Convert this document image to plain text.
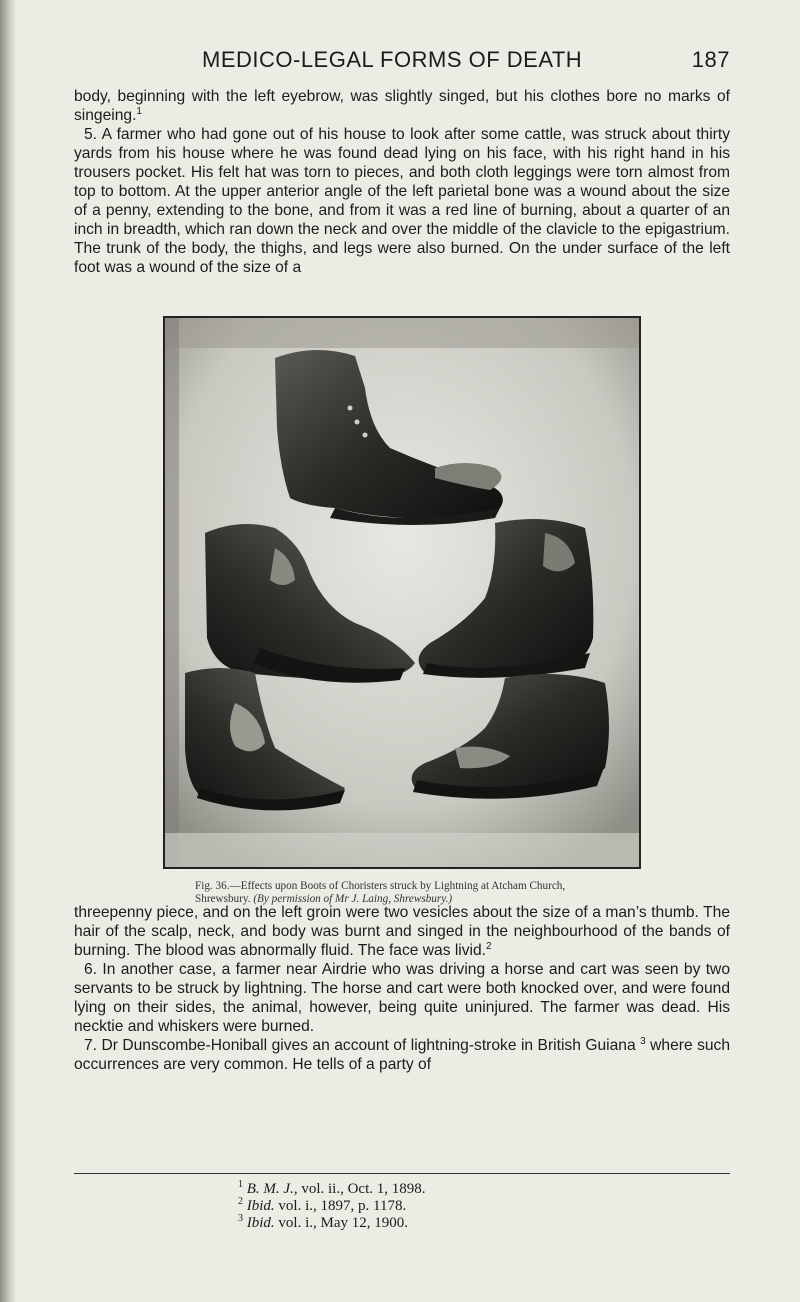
MEDICO-LEGAL FORMS OF DEATH	187

body, beginning with the left eyebrow, was slightly singed, but his clothes bore no marks of singeing.$^1$

5. A farmer who had gone out of his house to look after some cattle, was struck about thirty yards from his house where he was found dead lying on his face, with his right hand in his trousers pocket. His felt hat was torn to pieces, and both cloth leggings were torn almost from top to bottom. At the upper anterior angle of the left parietal bone was a wound about the size of a penny, extending to the bone, and from it was a red line of burning, about a quarter of an inch in breadth, which ran down the neck and over the middle of the clavicle to the epigastrium. The trunk of the body, the thighs, and legs were also burned. On the under surface of the left foot was a wound of the size of a

Fig. 36.—Effects upon Boots of Choristers struck by Lightning at Atcham Church, Shrewsbury. (By permission of Mr J. Laing, Shrewsbury.)

threepenny piece, and on the left groin were two vesicles about the size of a man’s thumb. The hair of the scalp, neck, and body was burnt and singed in the neighbourhood of the bands of burning. The blood was abnormally fluid. The face was livid.$^2$

6. In another case, a farmer near Airdrie who was driving a horse and cart was seen by two servants to be struck by lightning. The horse and cart were both knocked over, and were found lying on their sides, the animal, however, being quite uninjured. The farmer was dead. His necktie and whiskers were burned.

7. Dr Dunscombe-Honiball gives an account of lightning-stroke in British Guiana $^3$ where such occurrences are very common. He tells of a party of

$^1$ B. M. J., vol. ii., Oct. 1, 1898.
$^2$ Ibid. vol. i., 1897, p. 1178.
$^3$ Ibid. vol. i., May 12, 1900.
